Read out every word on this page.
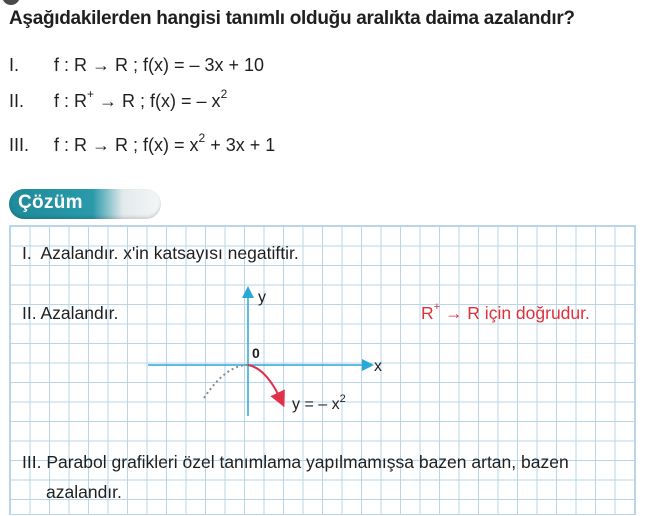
Aşağıdakilerden hangisi tanımlı olduğu aralıkta daima azalandır?
I. f : R → R ; f(x) = – 3x + 10
II. f : R+ → R ; f(x) = – $x^2$
III. f : R → R ; $f(x) = x^2 + 3x + 1$
Çözüm
I. Azalandır. x'in katsayısı negatiftir.
II. Azalandır.	R+ → R için doğrudur.
y
x
0
y = – $x^2$
III. Parabol grafikleri özel tanımlama yapılmamışsa bazen artan, bazen
azalandır.
